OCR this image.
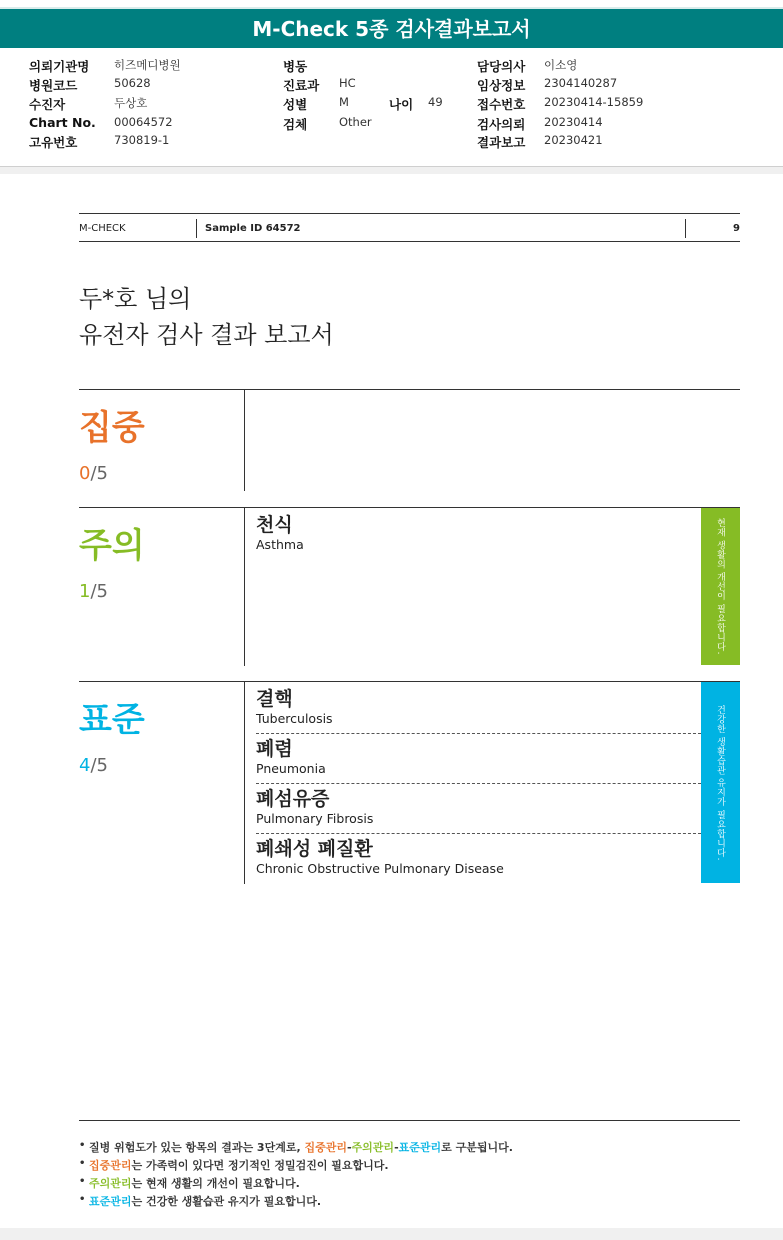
M-Check 5종 검사결과보고서
의뢰기관명 히즈메디병원	병동	담당의사 이소영
병원코드	50628	진료과 HC	임상정보 2304140287
수진자	두상호	성별	M	나이 49	접수번호 20230414-15859
Chart No. 00064572	검체	Other	검사의뢰 20230414
고유번호	730819-1	결과보고 20230421
M-CHECK	Sample ID 64572	9
두*호 님의
유전자 검사 결과 보고서
집중
0/5
주의
1/5
천식
Asthma	현재 생활의 개선이 필요합니다.
표준
4/5
결핵
Tuberculosis
폐렴
Pneumonia
폐섬유증
Pulmonary Fibrosis
폐쇄성 폐질환
Chronic Obstructive Pulmonary Disease
건강한 생활습관 유지가 필요합니다.
• 질병 위험도가 있는 항목의 결과는 3단계로, 집중관리-주의관리-표준관리로 구분됩니다.
• 집중관리는 가족력이 있다면 정기적인 정밀검진이 필요합니다.
• 주의관리는 현재 생활의 개선이 필요합니다.
• 표준관리는 건강한 생활습관 유지가 필요합니다.
